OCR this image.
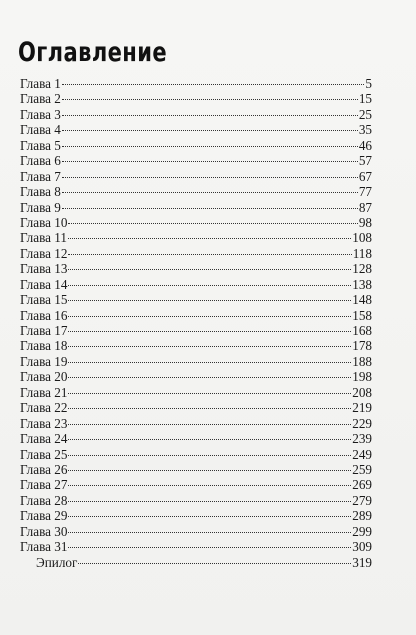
Оглавление
Глава 1	5
Глава 2	15
Глава 3	25
Глава 4	35
Глава 5	46
Глава 6	57
Глава 7	67
Глава 8	77
Глава 9	87
Глава 10	98
Глава 11	108
Глава 12	118
Глава 13	128
Глава 14	138
Глава 15	148
Глава 16	158
Глава 17	168
Глава 18	178
Глава 19	188
Глава 20	198
Глава 21	208
Глава 22	219
Глава 23	229
Глава 24	239
Глава 25	249
Глава 26	259
Глава 27	269
Глава 28	279
Глава 29	289
Глава 30	299
Глава 31	309
Эпилог	319
